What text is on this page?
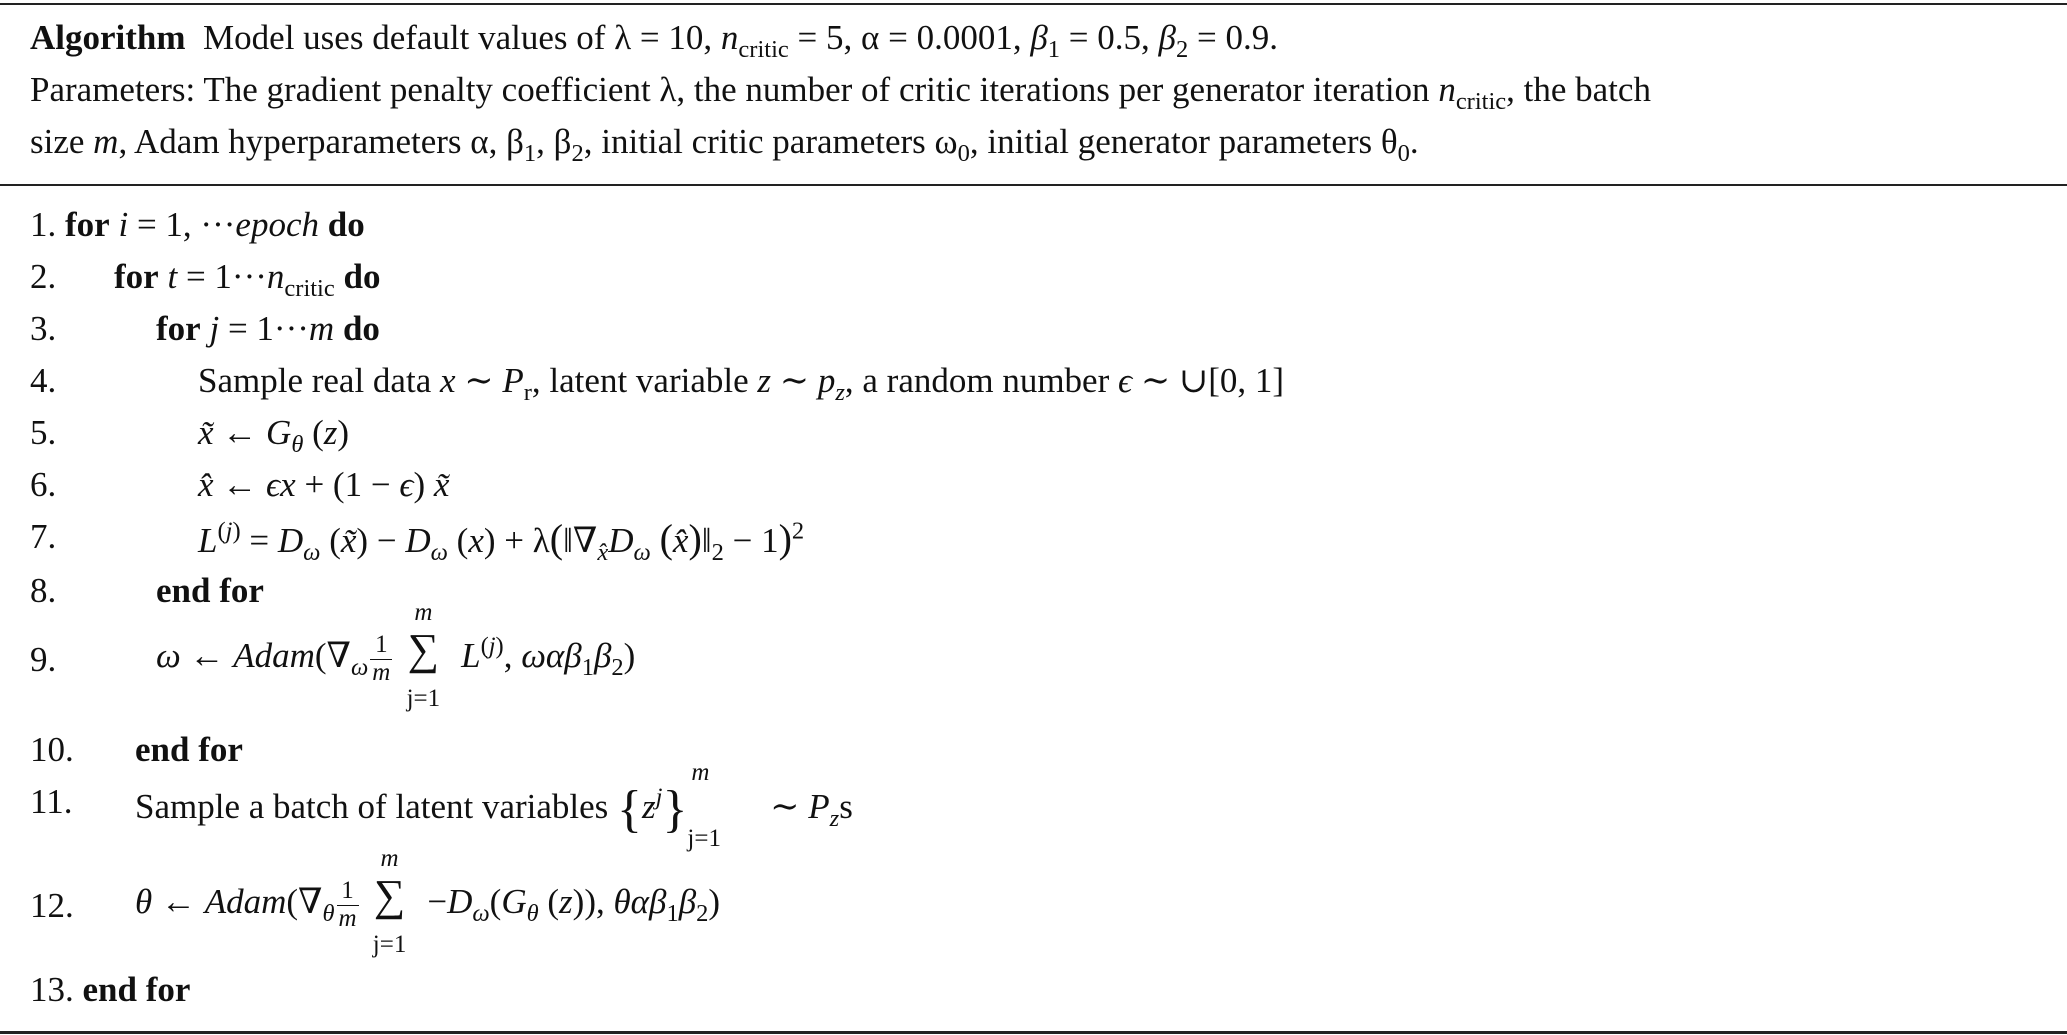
Algorithm Model uses default values of λ = 10, $n_{critic} = 5$, α = 0.0001, $\beta_1 = 0.5$, $\beta_2 = 0.9$.
Parameters: The gradient penalty coefficient λ, the number of critic iterations per generator iteration $n_{critic}$, the batch
size m, Adam hyperparameters α, $\beta_1$, $\beta_2$, initial critic parameters $\omega_0$, initial generator parameters $\theta_0$.
1. for i = 1, ···epoch do
2. for $t = 1\cdot\cdot\cdot n_{critic}$ do
3.	for j = 1···m do
4.	Sample real data x ∼ $P_r$, latent variable z ∼ $p_z$, a random number ϵ ∼ ∪[0, 1]
5.	x̃ ← $G_\theta$ (z)
6.	x̂ ← ϵx + (1 − ϵ) x̃
7.	$L^{(j)} = D_\omega$ (x̃) − $D_\omega$ $(x) + \lambda(‖\nabla_{x̂}D_\omega$ $(x̂)‖_2 - 1)^2$
8.	end for
9.	ω ← $Adam(\nabla_\omega \frac{1}{m}$
m
∑
j=1
$L^{(j)}$, $\omega\alpha\beta_1\beta_2$)
10. end for
11. Sample a batch of latent variables $\{z^j\}$
m
j=1
∼ $P_zs$
12. θ ← $Adam(\nabla_\theta \frac{1}{m}$
m
∑
j=1
$-D_\omega(G_\theta$ (z)), $\theta\alpha\beta_1\beta_2$)
13. end for
